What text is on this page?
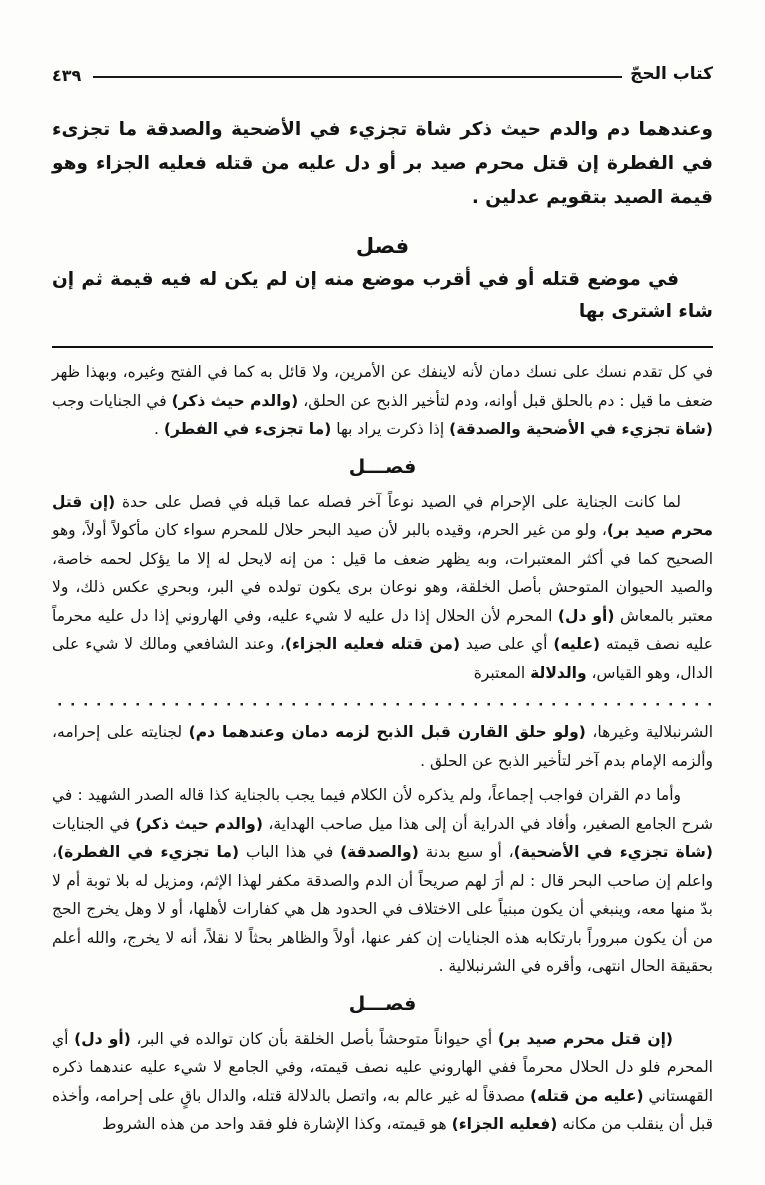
كتاب الحجّ
٤٣٩

وعندهما دم والدم حيث ذكر شاة تجزيء في الأضحية والصدقة ما تجزىء في الفطرة إن قتل محرم صيد بر أو دل عليه من قتله فعليه الجزاء وهو قيمة الصيد بتقويم عدلين .

فصل

في موضع قتله أو في أقرب موضع منه إن لم يكن له فيه قيمة ثم إن شاء اشترى بها

في كل تقدم نسك على نسك دمان لأنه لاينفك عن الأمرين، ولا قائل به كما في الفتح وغيره، وبهذا ظهر ضعف ما قيل : دم بالحلق قبل أوانه، ودم لتأخير الذبح عن الحلق، (والدم حيث ذكر) في الجنايات وجب (شاة تجزيء في الأضحية والصدقة) إذا ذكرت يراد بها (ما تجزىء في الفطر) .

فصـــل

لما كانت الجناية على الإحرام في الصيد نوعاً آخر فصله عما قبله في فصل على حدة (إن قتل محرم صيد بر)، ولو من غير الحرم، وقيده بالبر لأن صيد البحر حلال للمحرم سواء كان مأكولاً أولاً، وهو الصحيح كما في أكثر المعتبرات، وبه يظهر ضعف ما قيل : من إنه لايحل له إلا ما يؤكل لحمه خاصة، والصيد الحيوان المتوحش بأصل الخلقة، وهو نوعان برى يكون تولده في البر، وبحري عكس ذلك، ولا معتبر بالمعاش (أو دل) المحرم لأن الحلال إذا دل عليه لا شيء عليه، وفي الهاروني إذا دل عليه محرماً عليه نصف قيمته (عليه) أي على صيد (من قتله فعليه الجزاء)، وعند الشافعي ومالك لا شيء على الدال، وهو القياس، والدلالة المعتبرة

الشرنبلالية وغيرها، (ولو حلق القارن قبل الذبح لزمه دمان وعندهما دم) لجنايته على إحرامه، وألزمه الإمام بدم آخر لتأخير الذبح عن الحلق .

وأما دم القران فواجب إجماعاً، ولم يذكره لأن الكلام فيما يجب بالجناية كذا قاله الصدر الشهيد : في شرح الجامع الصغير، وأفاد في الدراية أن إلى هذا ميل صاحب الهداية، (والدم حيث ذكر) في الجنايات (شاة تجزيء في الأضحية)، أو سبع بدنة (والصدقة) في هذا الباب (ما تجزيء في الفطرة)، واعلم إن صاحب البحر قال : لم أرَ لهم صريحاً أن الدم والصدقة مكفر لهذا الإثم، ومزيل له بلا توبة أم لا بدّ منها معه، وينبغي أن يكون مبنياً على الاختلاف في الحدود هل هي كفارات لأهلها، أو لا وهل يخرج الحج من أن يكون مبروراً بارتكابه هذه الجنايات إن كفر عنها، أولاً والظاهر بحثاً لا نقلاً، أنه لا يخرج، والله أعلم بحقيقة الحال انتهى، وأقره في الشرنبلالية .

فصـــل

(إن قتل محرم صيد بر) أي حيواناً متوحشاً بأصل الخلقة بأن كان توالده في البر، (أو دل) أي المحرم فلو دل الحلال محرماً ففي الهاروني عليه نصف قيمته، وفي الجامع لا شيء عليه عندهما ذكره القهستاني (عليه من قتله) مصدقاً له غير عالم به، واتصل بالدلالة قتله، والدال باقٍ على إحرامه، وأخذه قبل أن ينقلب من مكانه (فعليه الجزاء) هو قيمته، وكذا الإشارة فلو فقد واحد من هذه الشروط
